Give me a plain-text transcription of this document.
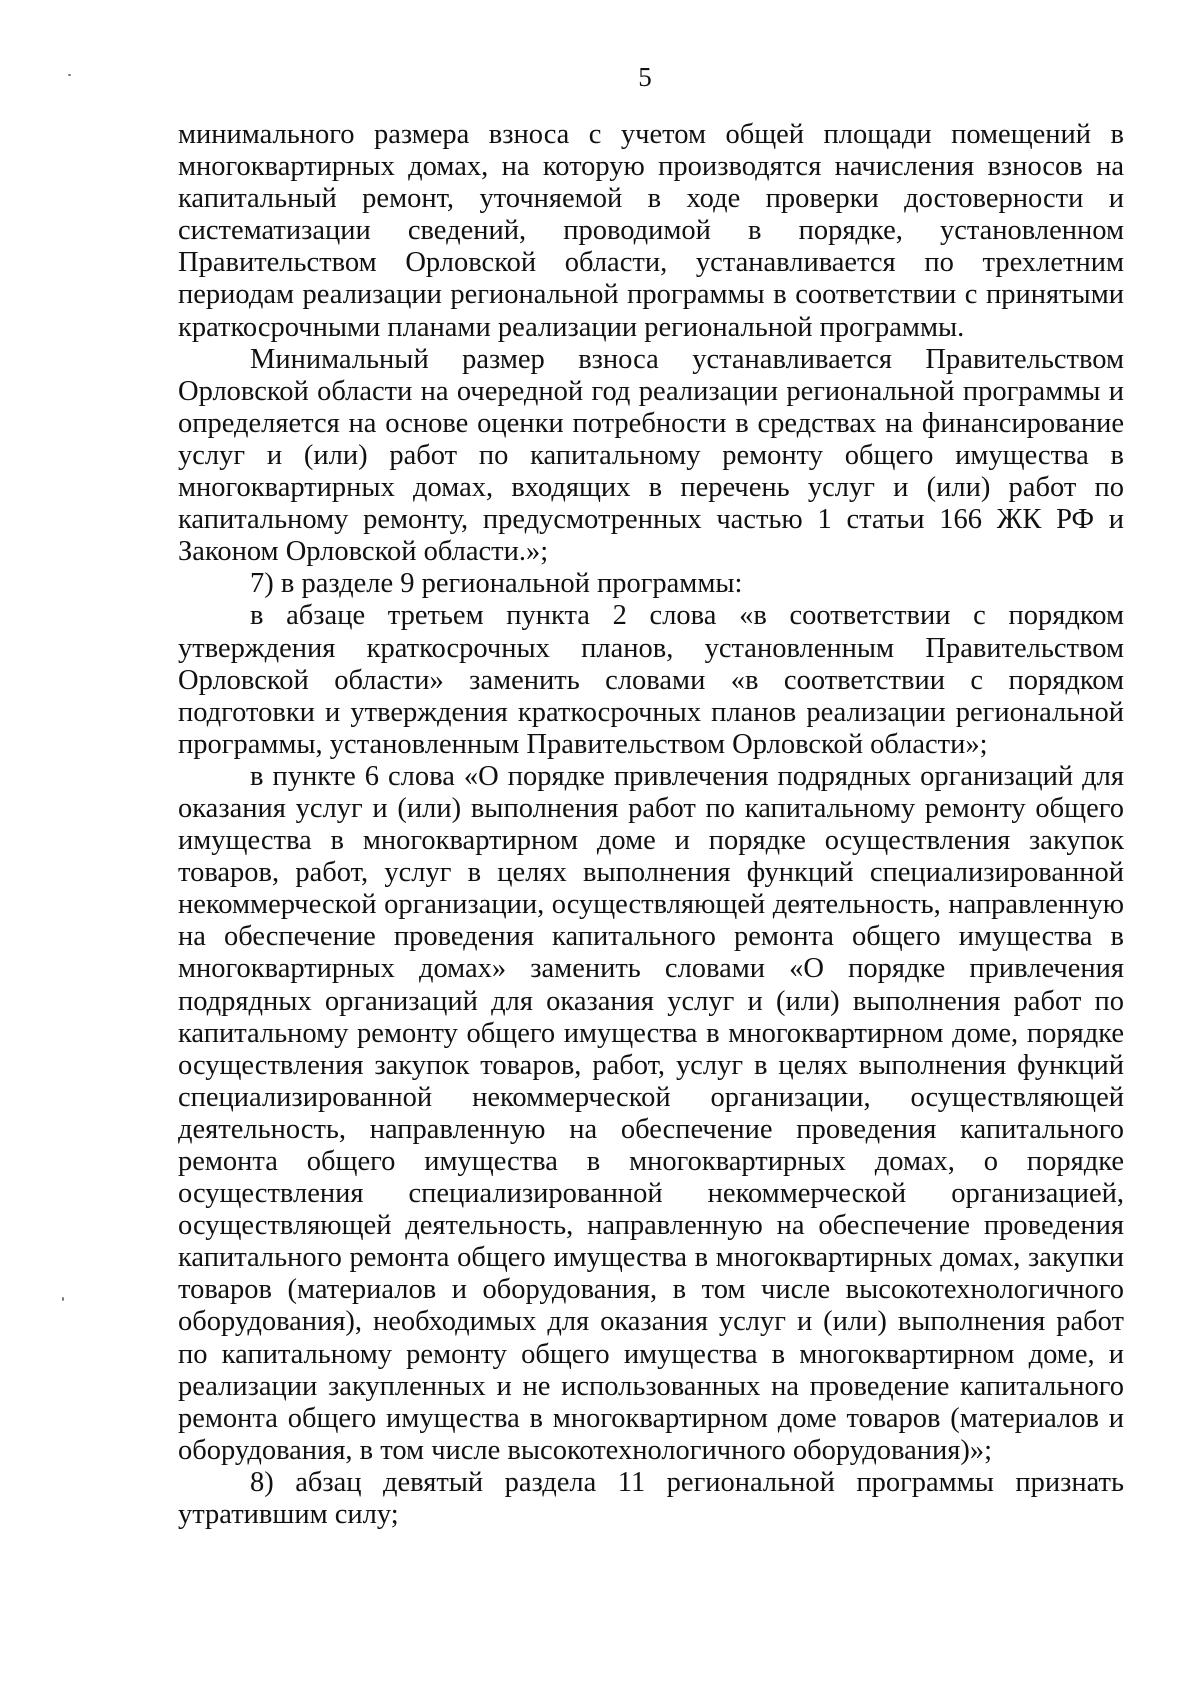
5

минимального размера взноса с учетом общей площади помещений в многоквартирных домах, на которую производятся начисления взносов на капитальный ремонт, уточняемой в ходе проверки достоверности и систематизации сведений, проводимой в порядке, установленном Правительством Орловской области, устанавливается по трехлетним периодам реализации региональной программы в соответствии с принятыми краткосрочными планами реализации региональной программы.

Минимальный размер взноса устанавливается Правительством Орловской области на очередной год реализации региональной программы и определяется на основе оценки потребности в средствах на финансирование услуг и (или) работ по капитальному ремонту общего имущества в многоквартирных домах, входящих в перечень услуг и (или) работ по капитальному ремонту, предусмотренных частью 1 статьи 166 ЖК РФ и Законом Орловской области.»;

7) в разделе 9 региональной программы:

в абзаце третьем пункта 2 слова «в соответствии с порядком утверждения краткосрочных планов, установленным Правительством Орловской области» заменить словами «в соответствии с порядком подготовки и утверждения краткосрочных планов реализации региональной программы, установленным Правительством Орловской области»;

в пункте 6 слова «О порядке привлечения подрядных организаций для оказания услуг и (или) выполнения работ по капитальному ремонту общего имущества в многоквартирном доме и порядке осуществления закупок товаров, работ, услуг в целях выполнения функций специализированной некоммерческой организации, осуществляющей деятельность, направленную на обеспечение проведения капитального ремонта общего имущества в многоквартирных домах» заменить словами «О порядке привлечения подрядных организаций для оказания услуг и (или) выполнения работ по капитальному ремонту общего имущества в многоквартирном доме, порядке осуществления закупок товаров, работ, услуг в целях выполнения функций специализированной некоммерческой организации, осуществляющей деятельность, направленную на обеспечение проведения капитального ремонта общего имущества в многоквартирных домах, о порядке осуществления специализированной некоммерческой организацией, осуществляющей деятельность, направленную на обеспечение проведения капитального ремонта общего имущества в многоквартирных домах, закупки товаров (материалов и оборудования, в том числе высокотехнологичного оборудования), необходимых для оказания услуг и (или) выполнения работ по капитальному ремонту общего имущества в многоквартирном доме, и реализации закупленных и не использованных на проведение капитального ремонта общего имущества в многоквартирном доме товаров (материалов и оборудования, в том числе высокотехнологичного оборудования)»;

8) абзац девятый раздела 11 региональной программы признать утратившим силу;
